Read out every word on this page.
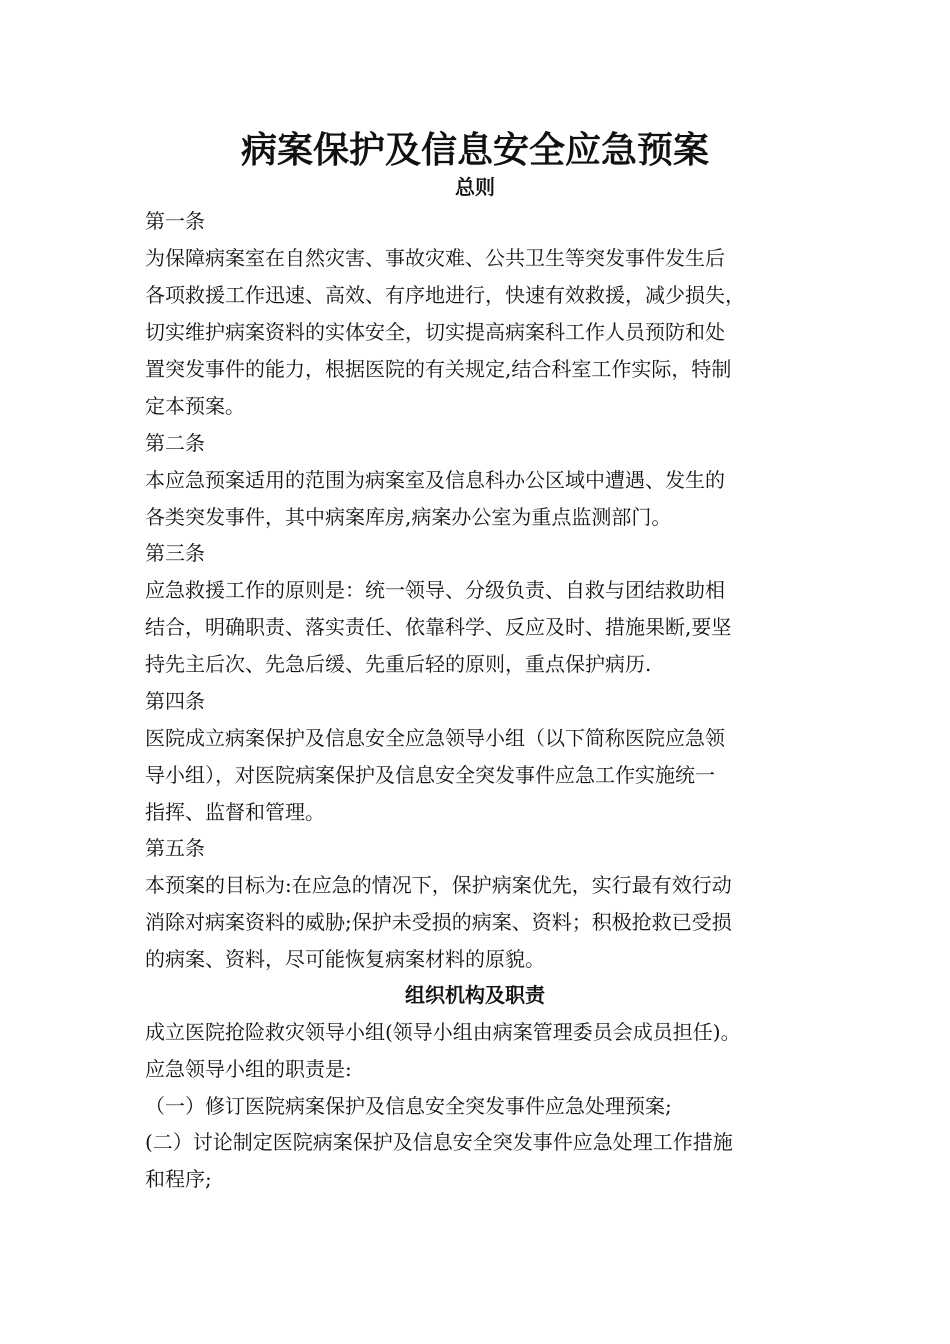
病案保护及信息安全应急预案
总则

第一条

为保障病案室在自然灾害、事故灾难、公共卫生等突发事件发生后

各项救援工作迅速、高效、有序地进行，快速有效救援，减少损失，

切实维护病案资料的实体安全，切实提高病案科工作人员预防和处

置突发事件的能力，根据医院的有关规定,结合科室工作实际，特制

定本预案。

第二条

本应急预案适用的范围为病案室及信息科办公区域中遭遇、发生的

各类突发事件，其中病案库房,病案办公室为重点监测部门。

第三条

应急救援工作的原则是：统一领导、分级负责、自救与团结救助相

结合，明确职责、落实责任、依靠科学、反应及时、措施果断,要坚

持先主后次、先急后缓、先重后轻的原则，重点保护病历.

第四条

医院成立病案保护及信息安全应急领导小组（以下简称医院应急领

导小组），对医院病案保护及信息安全突发事件应急工作实施统一

指挥、监督和管理。

第五条

本预案的目标为:在应急的情况下，保护病案优先，实行最有效行动

消除对病案资料的威胁;保护未受损的病案、资料；积极抢救已受损

的病案、资料，尽可能恢复病案材料的原貌。

组织机构及职责

成立医院抢险救灾领导小组(领导小组由病案管理委员会成员担任)。

应急领导小组的职责是:

（一）修订医院病案保护及信息安全突发事件应急处理预案;

(二）讨论制定医院病案保护及信息安全突发事件应急处理工作措施

和程序;
